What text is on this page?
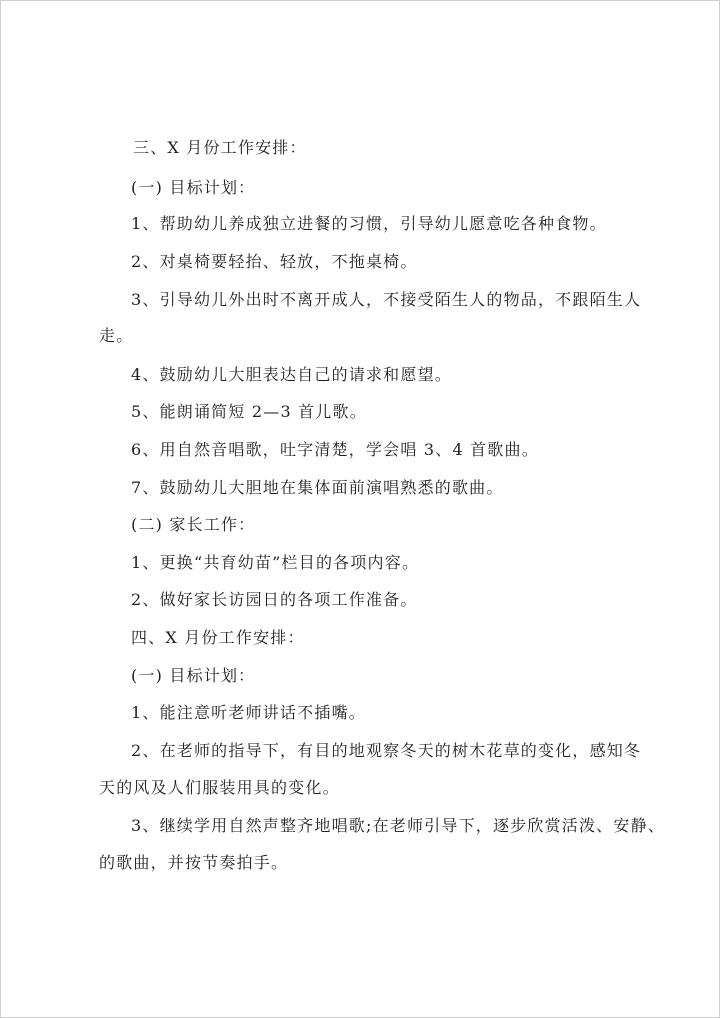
三、X 月份工作安排：
(一) 目标计划：
1、帮助幼儿养成独立进餐的习惯，引导幼儿愿意吃各种食物。
2、对桌椅要轻抬、轻放，不拖桌椅。
3、引导幼儿外出时不离开成人，不接受陌生人的物品，不跟陌生人
走。
4、鼓励幼儿大胆表达自己的请求和愿望。
5、能朗诵简短 2—3 首儿歌。
6、用自然音唱歌，吐字清楚，学会唱 3、4 首歌曲。
7、鼓励幼儿大胆地在集体面前演唱熟悉的歌曲。
(二) 家长工作：
1、更换“共育幼苗”栏目的各项内容。
2、做好家长访园日的各项工作准备。
四、X 月份工作安排：
(一) 目标计划：
1、能注意听老师讲话不插嘴。
2、在老师的指导下，有目的地观察冬天的树木花草的变化，感知冬
天的风及人们服装用具的变化。
3、继续学用自然声整齐地唱歌;在老师引导下，逐步欣赏活泼、安静、
的歌曲，并按节奏拍手。
